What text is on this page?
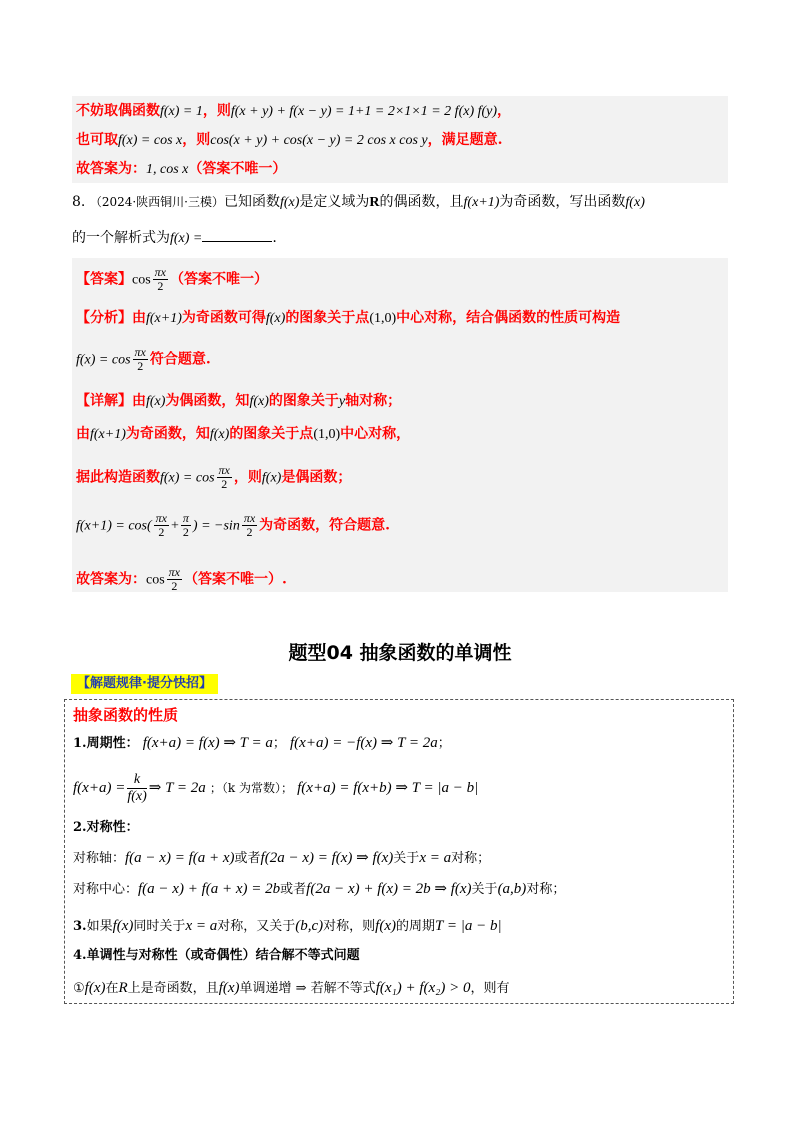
不妨取偶函数f(x) = 1，则f(x + y) + f(x − y) = 1+1 = 2×1×1 = 2 f(x) f(y)，
也可取f(x) = cos x，则cos(x + y) + cos(x − y) = 2 cos x cos y，满足题意.
故答案为：1, cos x（答案不唯一）
8. （2024·陕西铜川·三模）已知函数f(x)是定义域为R的偶函数，且f(x+1)为奇函数，写出函数f(x)
的一个解析式为f(x) =	.
【答案】$\cos \frac{\pi x}{2}$ （答案不唯一）
【分析】由f(x+1)为奇函数可得f(x)的图象关于点(1,0)中心对称，结合偶函数的性质可构造
$f(x) = \cos \frac{\pi x}{2}$ 符合题意.
【详解】由f(x)为偶函数，知f(x)的图象关于y轴对称；
由f(x+1)为奇函数，知f(x)的图象关于点(1,0)中心对称，
据此构造函数$f(x) = \cos \frac{\pi x}{2}$ ，则f(x)是偶函数；
$f(x+1) = \cos( \frac{\pi x}{2} + \frac{\pi}{2}$ ) = $-\sin \frac{\pi x}{2}$ 为奇函数，符合题意.
故答案为：$\cos \frac{\pi x}{2}$ （答案不唯一）.
题型04 抽象函数的单调性
【解题规律·提分快招】
抽象函数的性质
1.周期性： f(x+a) = f(x) ⇒ T = a； f(x+a) = −f(x) ⇒ T = 2a；
$f(x+a) = \frac{k}{f(x)}$ ⇒ T = 2a ；（k 为常数）； f(x+a) = f(x+b) ⇒ T = |a − b|
2.对称性：
对称轴：f(a − x) = f(a + x)或者f(2a − x) = f(x) ⇒ f(x)关于x = a对称；
对称中心：f(a − x) + f(a + x) = 2b或者f(2a − x) + f(x) = 2b ⇒ f(x)关于(a,b)对称；
3.如果f(x)同时关于x = a对称，又关于(b,c)对称，则f(x)的周期T = |a − b|
4.单调性与对称性（或奇偶性）结合解不等式问题
①f(x)在R上是奇函数，且f(x)单调递增 ⇒ 若解不等式f(x₁) + f(x₂) > 0，则有
